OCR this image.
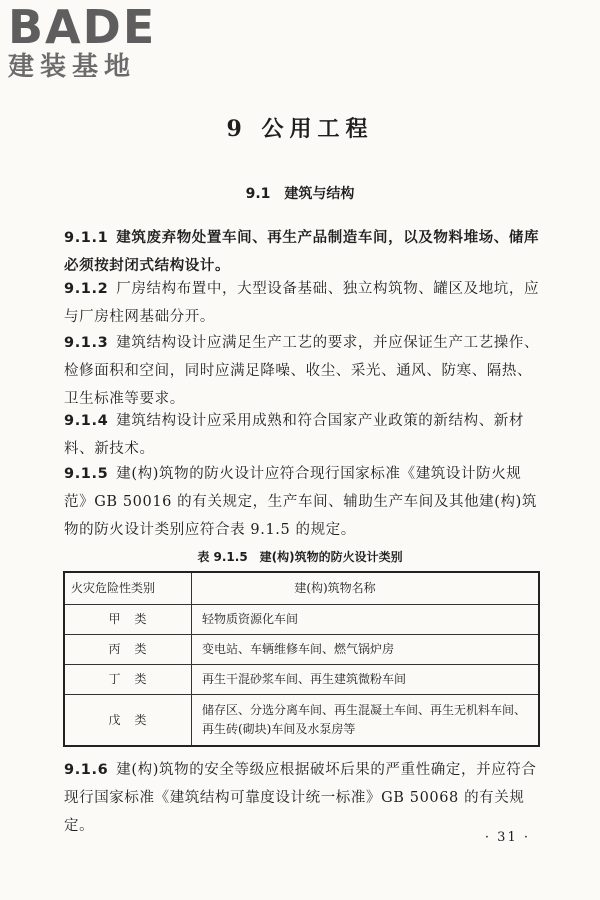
BADE
建装基地
9 公用工程
9.1　建筑与结构

9.1.1 建筑废弃物处置车间、再生产品制造车间，以及物料堆场、储库必须按封闭式结构设计。

9.1.2 厂房结构布置中，大型设备基础、独立构筑物、罐区及地坑，应与厂房柱网基础分开。

9.1.3 建筑结构设计应满足生产工艺的要求，并应保证生产工艺操作、检修面积和空间，同时应满足降噪、收尘、采光、通风、防寒、隔热、卫生标准等要求。

9.1.4 建筑结构设计应采用成熟和符合国家产业政策的新结构、新材料、新技术。

9.1.5 建(构)筑物的防火设计应符合现行国家标准《建筑设计防火规范》GB 50016 的有关规定，生产车间、辅助生产车间及其他建(构)筑物的防火设计类别应符合表 9.1.5 的规定。

表 9.1.5　建(构)筑物的防火设计类别
火灾危险性类别	建(构)筑物名称
甲　类	轻物质资源化车间
丙　类	变电站、车辆维修车间、燃气锅炉房
丁　类	再生干混砂浆车间、再生建筑微粉车间
戊　类	储存区、分选分离车间、再生混凝土车间、再生无机料车间、再生砖(砌块)车间及水泵房等

9.1.6 建(构)筑物的安全等级应根据破坏后果的严重性确定，并应符合现行国家标准《建筑结构可靠度设计统一标准》GB 50068 的有关规定。

· 31 ·
